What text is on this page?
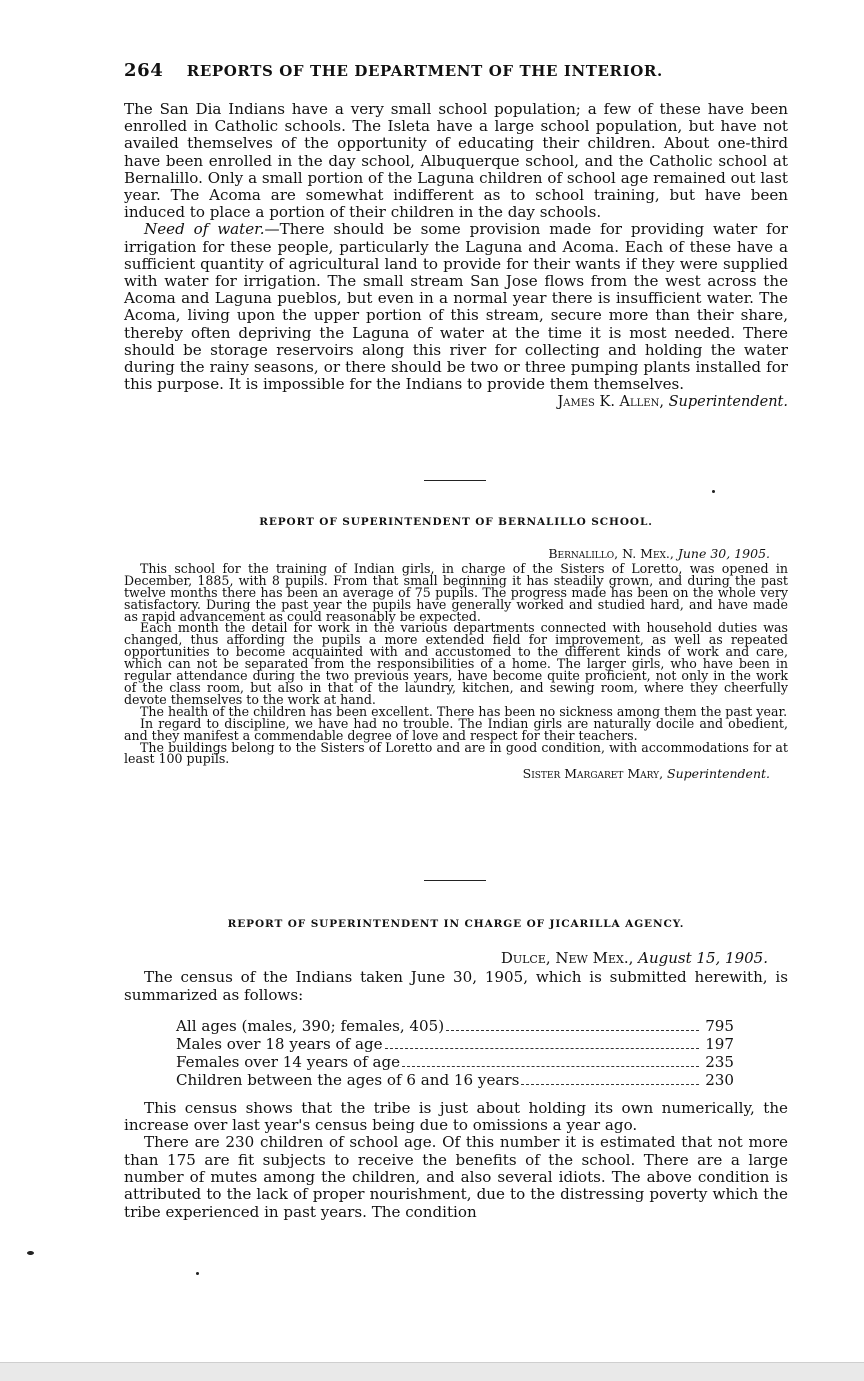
264 REPORTS OF THE DEPARTMENT OF THE INTERIOR.

The San Dia Indians have a very small school population; a few of these have been enrolled in Catholic schools. The Isleta have a large school population, but have not availed themselves of the opportunity of educating their children. About one-third have been enrolled in the day school, Albuquerque school, and the Catholic school at Bernalillo. Only a small portion of the Laguna children of school age remained out last year. The Acoma are somewhat indifferent as to school training, but have been induced to place a portion of their children in the day schools.

Need of water.—There should be some provision made for providing water for irrigation for these people, particularly the Laguna and Acoma. Each of these have a sufficient quantity of agricultural land to provide for their wants if they were supplied with water for irrigation. The small stream San Jose flows from the west across the Acoma and Laguna pueblos, but even in a normal year there is insufficient water. The Acoma, living upon the upper portion of this stream, secure more than their share, thereby often depriving the Laguna of water at the time it is most needed. There should be storage reservoirs along this river for collecting and holding the water during the rainy seasons, or there should be two or three pumping plants installed for this purpose. It is impossible for the Indians to provide them themselves.

James K. Allen, Superintendent.
REPORT OF SUPERINTENDENT OF BERNALILLO SCHOOL.
Bernalillo, N. Mex., June 30, 1905.

This school for the training of Indian girls, in charge of the Sisters of Loretto, was opened in December, 1885, with 8 pupils. From that small beginning it has steadily grown, and during the past twelve months there has been an average of 75 pupils. The progress made has been on the whole very satisfactory. During the past year the pupils have generally worked and studied hard, and have made as rapid advancement as could reasonably be expected.

Each month the detail for work in the various departments connected with household duties was changed, thus affording the pupils a more extended field for improvement, as well as repeated opportunities to become acquainted with and accustomed to the different kinds of work and care, which can not be separated from the responsibilities of a home. The larger girls, who have been in regular attendance during the two previous years, have become quite proficient, not only in the work of the class room, but also in that of the laundry, kitchen, and sewing room, where they cheerfully devote themselves to the work at hand.

The health of the children has been excellent. There has been no sickness among them the past year.

In regard to discipline, we have had no trouble. The Indian girls are naturally docile and obedient, and they manifest a commendable degree of love and respect for their teachers.

The buildings belong to the Sisters of Loretto and are in good condition, with accommodations for at least 100 pupils.

Sister Margaret Mary, Superintendent.
REPORT OF SUPERINTENDENT IN CHARGE OF JICARILLA AGENCY.
Dulce, New Mex., August 15, 1905.

The census of the Indians taken June 30, 1905, which is submitted herewith, is summarized as follows:

All ages (males, 390; females, 405)	795
Males over 18 years of age	197
Females over 14 years of age	235
Children between the ages of 6 and 16 years	230

This census shows that the tribe is just about holding its own numerically, the increase over last year's census being due to omissions a year ago.

There are 230 children of school age. Of this number it is estimated that not more than 175 are fit subjects to receive the benefits of the school. There are a large number of mutes among the children, and also several idiots. The above condition is attributed to the lack of proper nourishment, due to the distressing poverty which the tribe experienced in past years. The condition
